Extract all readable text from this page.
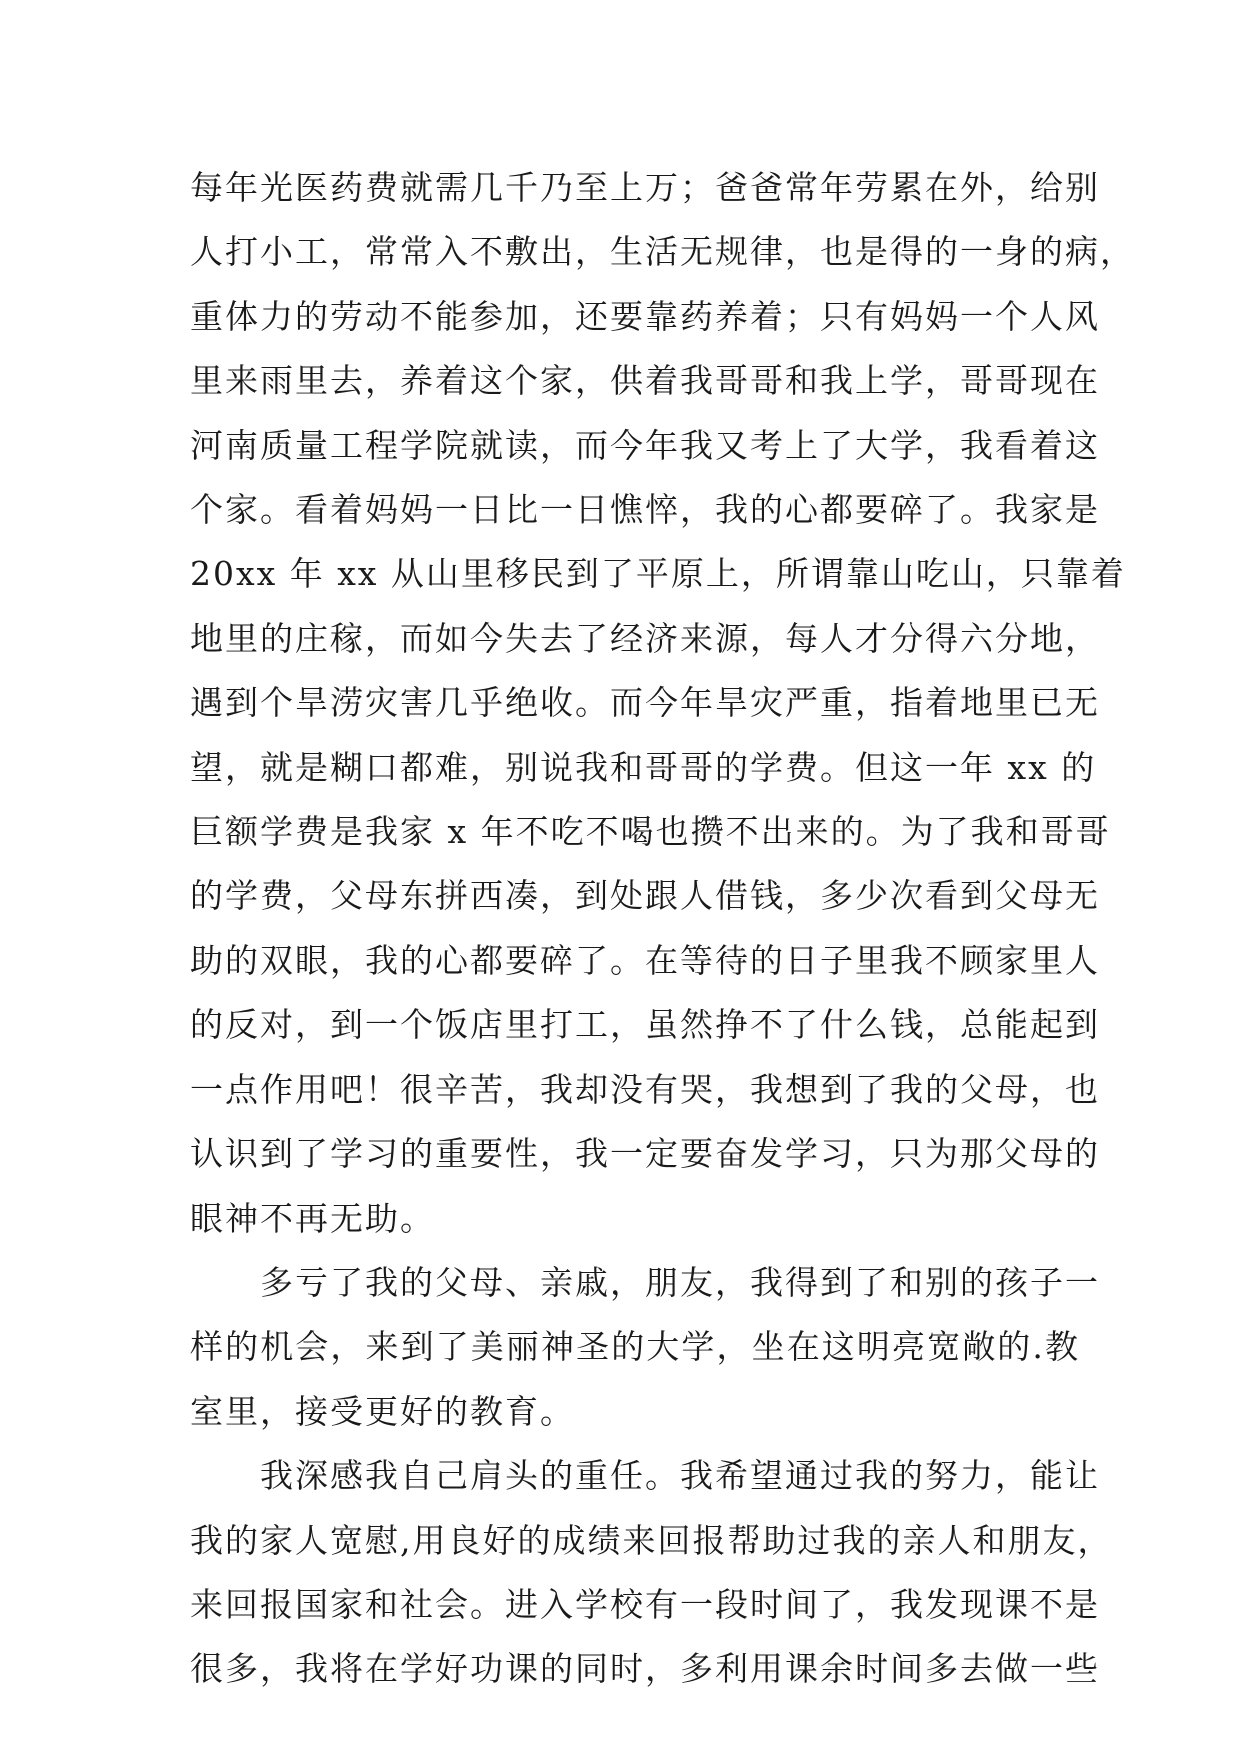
每年光医药费就需几千乃至上万；爸爸常年劳累在外，给别
人打小工，常常入不敷出，生活无规律，也是得的一身的病，
重体力的劳动不能参加，还要靠药养着；只有妈妈一个人风
里来雨里去，养着这个家，供着我哥哥和我上学，哥哥现在
河南质量工程学院就读，而今年我又考上了大学，我看着这
个家。看着妈妈一日比一日憔悴，我的心都要碎了。我家是
20xx 年 xx 从山里移民到了平原上，所谓靠山吃山，只靠着
地里的庄稼，而如今失去了经济来源，每人才分得六分地，
遇到个旱涝灾害几乎绝收。而今年旱灾严重，指着地里已无
望，就是糊口都难，别说我和哥哥的学费。但这一年 xx 的
巨额学费是我家 x 年不吃不喝也攒不出来的。为了我和哥哥
的学费，父母东拼西凑，到处跟人借钱，多少次看到父母无
助的双眼，我的心都要碎了。在等待的日子里我不顾家里人
的反对，到一个饭店里打工，虽然挣不了什么钱，总能起到
一点作用吧！很辛苦，我却没有哭，我想到了我的父母，也
认识到了学习的重要性，我一定要奋发学习，只为那父母的
眼神不再无助。
多亏了我的父母、亲戚，朋友，我得到了和别的孩子一
样的机会，来到了美丽神圣的大学，坐在这明亮宽敞的.教
室里，接受更好的教育。
我深感我自己肩头的重任。我希望通过我的努力，能让
我的家人宽慰,用良好的成绩来回报帮助过我的亲人和朋友，
来回报国家和社会。进入学校有一段时间了，我发现课不是
很多，我将在学好功课的同时，多利用课余时间多去做一些
